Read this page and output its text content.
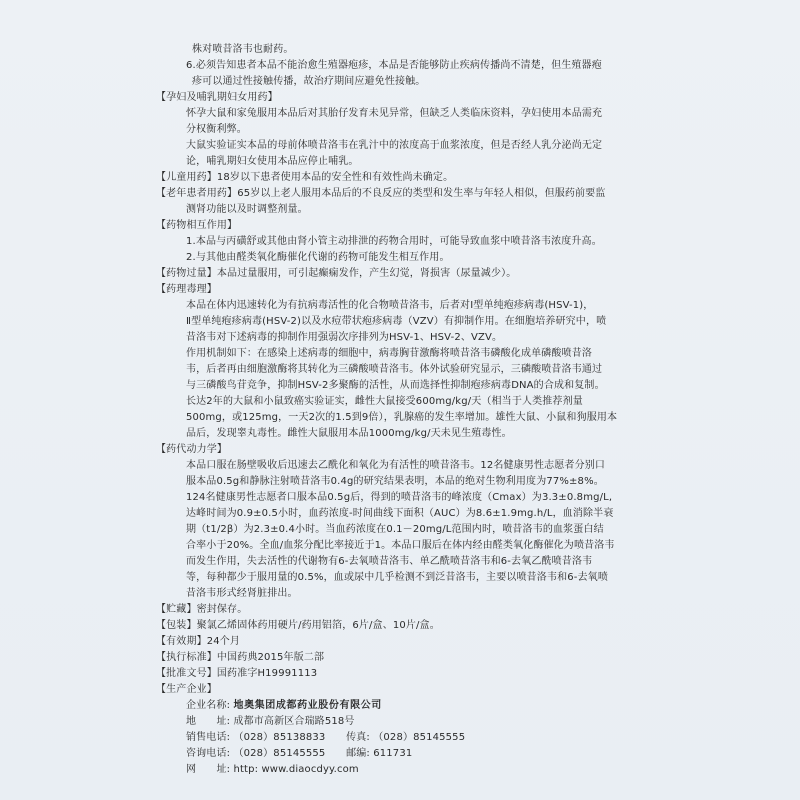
株对喷昔洛韦也耐药。

6.必须告知患者本品不能治愈生殖器疱疹，本品是否能够防止疾病传播尚不清楚，但生殖器疱

疹可以通过性接触传播，故治疗期间应避免性接触。

【孕妇及哺乳期妇女用药】

怀孕大鼠和家兔服用本品后对其胎仔发育未见异常，但缺乏人类临床资料，孕妇使用本品需充

分权衡利弊。

大鼠实验证实本品的母前体喷昔洛韦在乳汁中的浓度高于血浆浓度，但是否经人乳分泌尚无定

论，哺乳期妇女使用本品应停止哺乳。

【儿童用药】18岁以下患者使用本品的安全性和有效性尚未确定。

【老年患者用药】65岁以上老人服用本品后的不良反应的类型和发生率与年轻人相似，但服药前要监

测肾功能以及时调整剂量。

【药物相互作用】

1.本品与丙磺舒或其他由肾小管主动排泄的药物合用时，可能导致血浆中喷昔洛韦浓度升高。

2.与其他由醛类氧化酶催化代谢的药物可能发生相互作用。

【药物过量】本品过量服用，可引起癫痫发作，产生幻觉，肾损害（尿量减少）。

【药理毒理】

本品在体内迅速转化为有抗病毒活性的化合物喷昔洛韦，后者对Ⅰ型单纯疱疹病毒(HSV-1)，

Ⅱ型单纯疱疹病毒(HSV-2)以及水痘带状疱疹病毒（VZV）有抑制作用。在细胞培养研究中，喷

昔洛韦对下述病毒的抑制作用强弱次序排列为HSV-1、HSV-2、VZV。

作用机制如下：在感染上述病毒的细胞中，病毒胸苷激酶将喷昔洛韦磷酸化成单磷酸喷昔洛

韦，后者再由细胞激酶将其转化为三磷酸喷昔洛韦。体外试验研究显示，三磷酸喷昔洛韦通过

与三磷酸鸟苷竞争，抑制HSV-2多聚酶的活性，从而选择性抑制疱疹病毒DNA的合成和复制。

长达2年的大鼠和小鼠致癌实验证实，雌性大鼠接受600mg/kg/天（相当于人类推荐剂量

500mg，或125mg，一天2次的1.5到9倍），乳腺癌的发生率增加。雄性大鼠、小鼠和狗服用本

品后，发现睾丸毒性。雌性大鼠服用本品1000mg/kg/天未见生殖毒性。

【药代动力学】

本品口服在肠壁吸收后迅速去乙酰化和氧化为有活性的喷昔洛韦。12名健康男性志愿者分别口

服本品0.5g和静脉注射喷昔洛韦0.4g的研究结果表明，本品的绝对生物利用度为77%±8%。

124名健康男性志愿者口服本品0.5g后，得到的喷昔洛韦的峰浓度（Cmax）为3.3±0.8mg/L,

达峰时间为0.9±0.5小时，血药浓度-时间曲线下面积（AUC）为8.6±1.9mg.h/L，血消除半衰

期（t1/2β）为2.3±0.4小时。当血药浓度在0.1－20mg/L范围内时，喷昔洛韦的血浆蛋白结

合率小于20%。全血/血浆分配比率接近于1。本品口服后在体内经由醛类氧化酶催化为喷昔洛韦

而发生作用，失去活性的代谢物有6-去氧喷昔洛韦、单乙酰喷昔洛韦和6-去氧乙酰喷昔洛韦

等，每种都少于服用量的0.5%，血或尿中几乎检测不到泛昔洛韦，主要以喷昔洛韦和6-去氧喷

昔洛韦形式经肾脏排出。

【贮藏】密封保存。

【包装】聚氯乙烯固体药用硬片/药用铝箔，6片/盒、10片/盒。

【有效期】24个月

【执行标准】中国药典2015年版二部

【批准文号】国药准字H19991113

【生产企业】

企业名称: 地奥集团成都药业股份有限公司

地　　址: 成都市高新区合瑞路518号

销售电话: （028）85138833 传真: （028）85145555

咨询电话: （028）85145555 邮编: 611731

网　　址: http: www.diaocdyy.com
